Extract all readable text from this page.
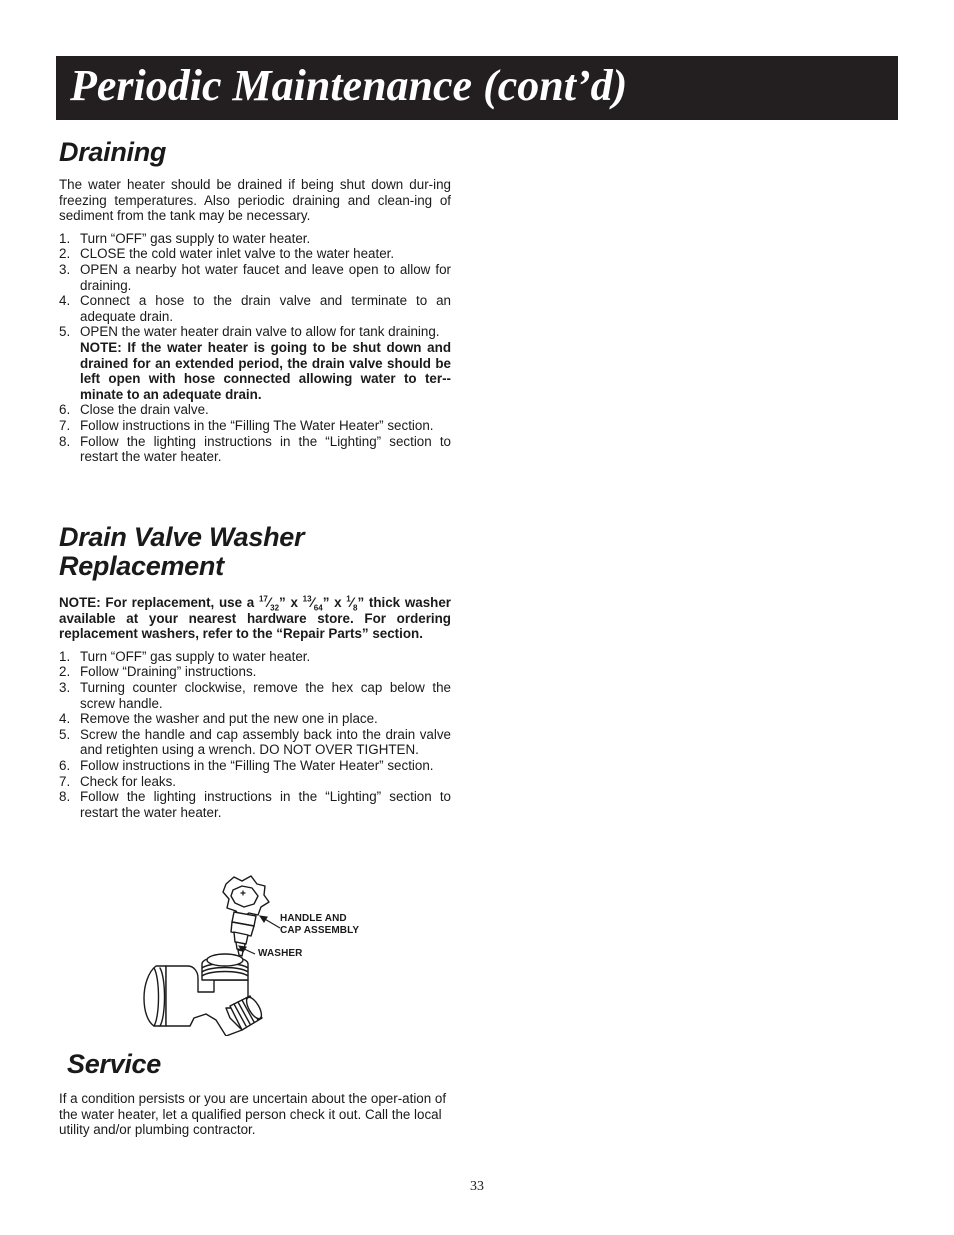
Periodic Maintenance (cont’d)
Draining

The water heater should be drained if being shut down dur-ing freezing temperatures. Also periodic draining and clean-ing of sediment from the tank may be necessary.

1. Turn “OFF” gas supply to water heater.
2. CLOSE the cold water inlet valve to the water heater.
3. OPEN a nearby hot water faucet and leave open to allow for draining.
4. Connect a hose to the drain valve and terminate to an adequate drain.
5. OPEN the water heater drain valve to allow for tank draining.
NOTE: If the water heater is going to be shut down and drained for an extended period, the drain valve should be left open with hose connected allowing water to ter-minate to an adequate drain.
6. Close the drain valve.
7. Follow instructions in the “Filling The Water Heater” section.
8. Follow the lighting instructions in the “Lighting” section to restart the water heater.
Drain Valve Washer
Replacement

NOTE: For replacement, use a $^{17}⁄_{32}$” x $^{13}⁄_{64}$” x $^1⁄_8$” thick washer available at your nearest hardware store. For ordering replacement washers, refer to the “Repair Parts” section.

1. Turn “OFF” gas supply to water heater.
2. Follow “Draining” instructions.
3. Turning counter clockwise, remove the hex cap below the screw handle.
4. Remove the washer and put the new one in place.
5. Screw the handle and cap assembly back into the drain valve and retighten using a wrench. DO NOT OVER TIGHTEN.
6. Follow instructions in the “Filling The Water Heater” section.
7. Check for leaks.
8. Follow the lighting instructions in the “Lighting” section to restart the water heater.
HANDLE AND
CAP ASSEMBLY
WASHER
Service

If a condition persists or you are uncertain about the oper-ation of the water heater, let a qualified person check it out. Call the local utility and/or plumbing contractor.

33
